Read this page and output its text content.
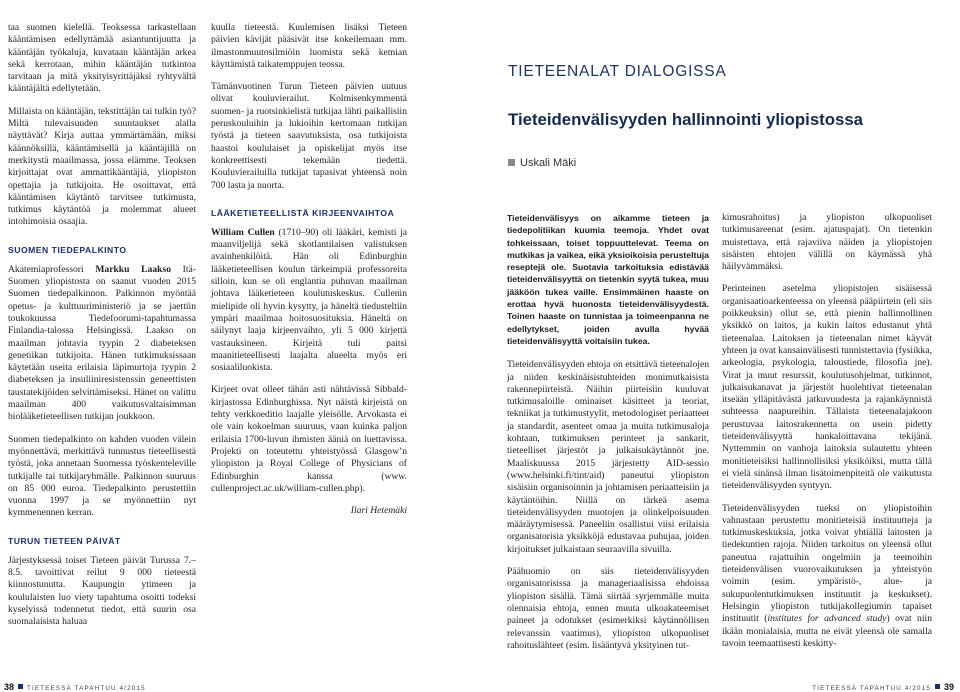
taa suomen kielellä. Teoksessa tarkastellaan kääntämisen edellyttämää asiantuntijuutta ja kääntäjän työkaluja, kuvataan kääntäjän arkea sekä kerrotaan, mihin kääntäjän tutkintoa tarvitaan ja mitä yksityisyrittäjäksi ryhtyvältä kääntäjältä edellytetään.

Millaista on kääntäjän, tekstittäjän tai tulkin työ? Miltä tulevaisuuden suuntaukset alalla näyttävät? Kirja auttaa ymmärtämään, miksi käännöksillä, kääntämisellä ja kääntäjillä on merkitystä maailmassa, jossa elämme. Teoksen kirjoittajat ovat ammattikääntäjiä, yliopiston opettajia ja tutkijoita. He osoittavat, että kääntämisen käytäntö tarvitsee tutkimusta, tutkimus käytäntöä ja molemmat alueet intohimoisia osaajia.

SUOMEN TIEDEPALKINTO

Akatemiaprofessori Markku Laakso Itä-Suomen yliopistosta on saanut vuoden 2015 Suomen tiedepalkinnon. Palkinnon myöntää opetus- ja kulttuuriministeriö ja se jaettiin toukokuussa Tiedefoorumi-tapahtumassa Finlandia-talossa Helsingissä. Laakso on maailman johtavia tyypin 2 diabeteksen genetiikan tutkijoita. Hänen tutkimuksissaan käytetään useita erilaisia läpimurtoja tyypin 2 diabeteksen ja insuliiniresistenssin geneettisten taustatekijöiden selvittämiseksi. Hänet on valittu maailman 400 vaikutusvaltaisimman biolääketieteellisen tutkijan joukkoon.

Suomen tiedepalkinto on kahden vuoden välein myönnettävä, merkittävä tunnustus tieteellisestä työstä, joka annetaan Suomessa työskenteleville tutkijalle tai tutkijaryhmälle. Palkinnon suuruus on 85 000 euroa. Tiedepalkinto perustettiin vuonna 1997 ja se myönnettiin nyt kymmenennen kerran.

TURUN TIETEEN PÄIVÄT

Järjestyksessä toiset Tieteen päivät Turussa 7.–8.5. tavoittivat reilut 9 000 tieteestä kiinnostunutta. Kaupungin ytimeen ja koululaisten luo viety tapahtuma osoitti todeksi kyselyissä todennetut tiedot, että suurin osa suomalaisista haluaa

kuulla tieteestä. Kuulemisen lisäksi Tieteen päivien kävijät pääsivät itse kokeilemaan mm. ilmastonmuutosilmiöin luomista sekä kemian käyttämistä taikatemppujen teossa.

Tämänvuotinen Turun Tieteen päivien uutuus olivat kouluvierailut. Kolmisenkymmentä suomen- ja ruotsinkielistä tutkijaa lähti paikallisiin peruskouluihin ja lukioihin kertomaan tutkijan työstä ja tieteen saavutuksista, osa tutkijoista haastoi koululaiset ja opiskelijat myös itse konkreettisesti tekemään tiedettä. Kouluvierailuilla tutkijat tapasivat yhteensä noin 700 lasta ja nuorta.

LÄÄKETIETEELLISTÄ KIRJEENVAIHTOA

William Cullen (1710–90) oli lääkäri, kemisti ja maanviljelijä sekä skotlantilaisen valistuksen avainhenkilöitä. Hän oli Edinburghin lääketieteellisen koulun tärkeimpiä professoreita silloin, kun se oli englantia puhuvan maailman johtava lääketieteen koulutuskeskus. Cullenin mielipide oli hyvin kysytty, ja häneltä tiedusteltiin ympäri maailmaa hoitosuosituksia. Häneltä on säilynyt laaja kirjeenvaihto, yli 5 000 kirjettä vastauksineen. Kirjeitä tuli paitsi maanitieteellisesti laajalta alueelta myös eri sosiaaliluokista.

Kirjeet ovat olleet tähän asti nähtävissä Sibbald-kirjastossa Edinburghissa. Nyt näistä kirjeistä on tehty verkkoeditio laajalle yleisölle. Arvokasta ei ole vain kokoelman suuruus, vaan kuinka paljon erilaisia 1700-luvun ihmisten ääniä on luettavissa. Projekti on toteutettu yhteistyössä Glasgow’n yliopiston ja Royal College of Physicians of Edinburghin kanssa (www. cullenproject.ac.uk/william-cullen.php).

Ilari Hetemäki

TIETEENALAT DIALOGISSA
Tieteidenvälisyyden hallinnointi yliopistossa
Uskali Mäki

Tieteidenvälisyys on aikamme tieteen ja tiedepolitiikan kuumia teemoja. Yhdet ovat tohkeissaan, toiset toppuuttelevat. Teema on mutkikas ja vaikea, eikä yksioikoisia perusteltuja reseptejä ole. Suotavia tarkoituksia edistävää tieteidenvälisyyttä on tietenkin syytä tukea, muu jääköön tukea vaille. Ensimmäinen haaste on erottaa hyvä huonosta tieteidenvälisyydestä. Toinen haaste on tunnistaa ja toimeenpanna ne edellytykset, joiden avulla hyvää tieteidenvälisyyttä voitaisiin tukea.

Tieteidenvälisyyden ehtoja on etsittävä tieteenalojen ja niiden keskinäisistuhteiden monimutkaisista rakennepiirteistä. Näihin piirteisiin kuuluvat tutkimusaloille ominaiset käsitteet ja teoriat, tekniikat ja tutkimustyylit, metodologiset periaatteet ja standardit, asenteet omaa ja muita tutkimusaloja kohtaan, tutkimuksen perinteet ja sankarit, tieteelliset järjestöt ja julkaisukäytännöt jne. Maaliskuussa 2015 järjestetty AID-sessio (www.helsinki.fi/tint/aid) paneutui yliopiston sisäisiin organisoinnin ja johtamisen periaatteisiin ja käytäntöihin. Niillä on tärkeä asema tieteidenvälisyyden muotojen ja olinkelpoisuuden määräytymisessä. Paneeliin osallistui viisi erilaisia organisatorisia yksikköjä edustavaa puhujaa, joiden kirjoitukset julkaistaan seuraavilla sivuilla.

Päähuomio on siis tieteidenvälisyyden organisatorisissa ja manageriaalisissa ehdoissa yliopiston sisällä. Tämä siirtää syrjemmälle muita olennaisia ehtoja, ennen muuta ulkoakateemiset paineet ja odotukset (esimerkiksi käytännöllisen relevanssin vaatimus), yliopiston ulkopuoliset rahoituslähteet (esim. lisääntyvä yksityinen tut-

kimusrahoitus) ja yliopiston ulkopuoliset tutkimusareenat (esim. ajatuspajat). On tietenkin muistettava, että rajaviiva näiden ja yliopistojen sisäisten ehtojen välillä on käymässä yhä häilyvämmäksi.

Perinteinen asetelma yliopistojen sisäisessä organisaatioarkenteessa on yleensä pääpiirtein (eli siis poikkeuksin) ollut se, että pienin hallinnollinen yksikkö on laitos, ja kukin laitos edustanut yhtä tieteenalaa. Laitoksen ja tieteenalan nimet käyvät yhteen ja ovat kansainvälisesti tunnistettavia (fysiikka, arkeologia, psykologia, taloustiede, filosofia jne). Virat ja muut resurssit, koulutusohjelmat, tutkinnot, julkaisukanavat ja järjestöt huolehtivat tieteenalan itseään ylläpitävästä jatkuvuudesta ja rajankäynnistä suhteessa naapureihin. Tällaista tieteenalajakoon perustuvaa laitosrakennetta on usein pidetty tieteidenvälisyyttä hankaloittavana tekijänä. Nyttemmin on vanhoja laitoksia sulautettu yhteen monitieteisiksi hallinnollisiksi yksiköiksi, mutta tällä ei vielä sinänsä ilman lisätoimenpiteitä ole vaikutusta tieteidenvälisyyden syntyyn.

Tieteidenvälisyyden tueksi on yliopistoihin vahnastaan perustettu monitieteisiä instituutteja ja tutkimuskeskuksia, jotka voivat yhtiällä laitosten ja tiedekuntien rajoja. Niiden tarkoitus on yleensä ollut paneutua rajattuihin ongelmiin ja teemoihin tieteidenvälisen vuorovaikutuksen ja yhteistyön voimin (esim. ympäristö-, alue- ja sukupuolentutkimuksen instituutit ja keskukset). Helsingin yliopiston tutkijakollegiumin tapaiset instituutit (institutes for advanced study) ovat niin ikään monialaisia, mutta ne eivät yleensä ole samalla tavoin teemaattisesti keskitty-

38 TIETEESSÄ TAPAHTUU 4/2015	TIETEESSÄ TAPAHTUU 4/2015 39
